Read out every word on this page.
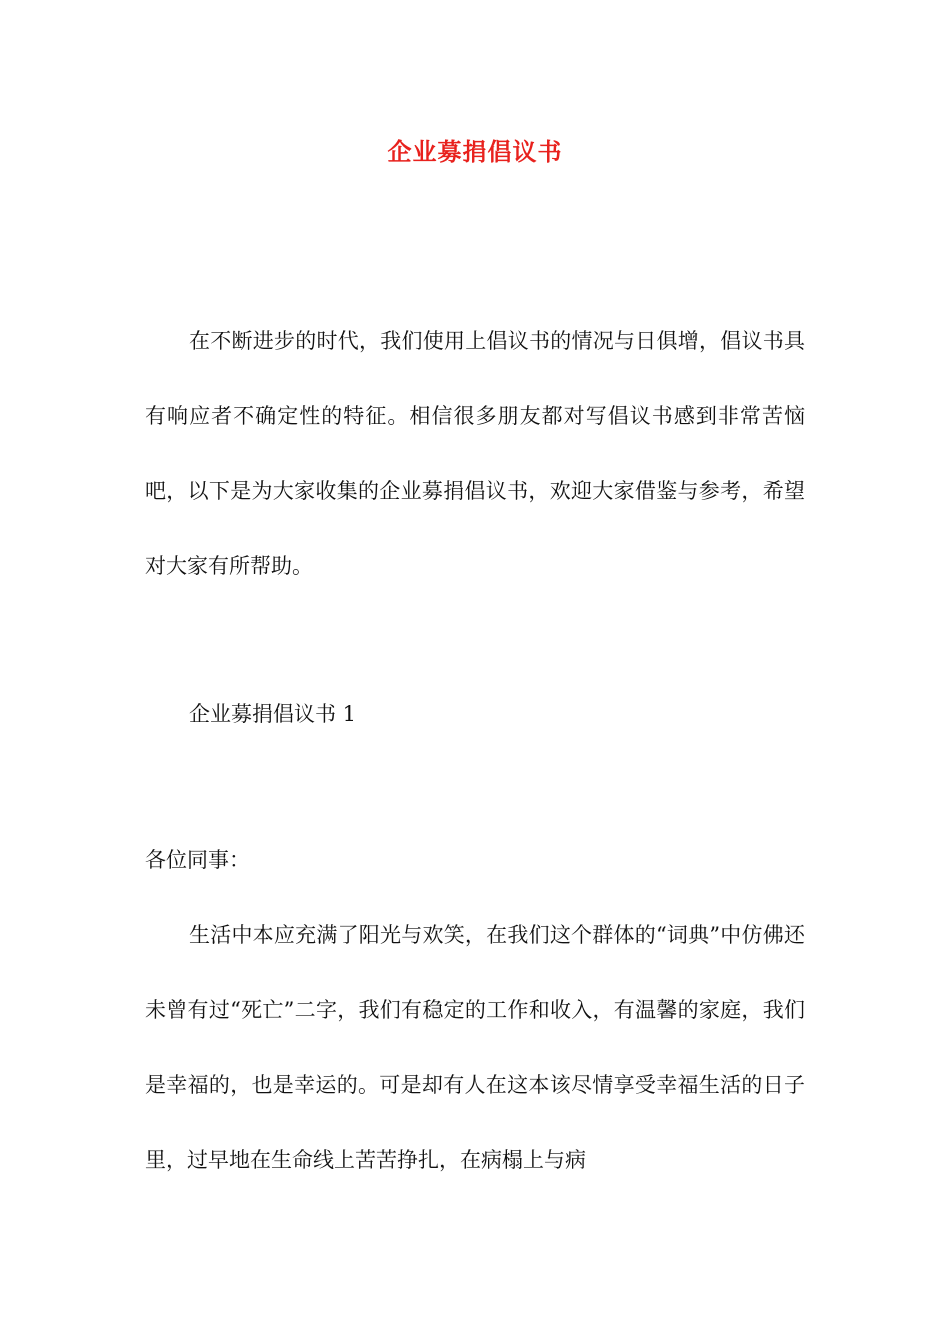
企业募捐倡议书

在不断进步的时代，我们使用上倡议书的情况与日俱增，倡议书具有响应者不确定性的特征。相信很多朋友都对写倡议书感到非常苦恼吧，以下是为大家收集的企业募捐倡议书，欢迎大家借鉴与参考，希望对大家有所帮助。

企业募捐倡议书 1

各位同事：

生活中本应充满了阳光与欢笑，在我们这个群体的“词典”中仿佛还未曾有过“死亡”二字，我们有稳定的工作和收入，有温馨的家庭，我们是幸福的，也是幸运的。可是却有人在这本该尽情享受幸福生活的日子里，过早地在生命线上苦苦挣扎，在病榻上与病
